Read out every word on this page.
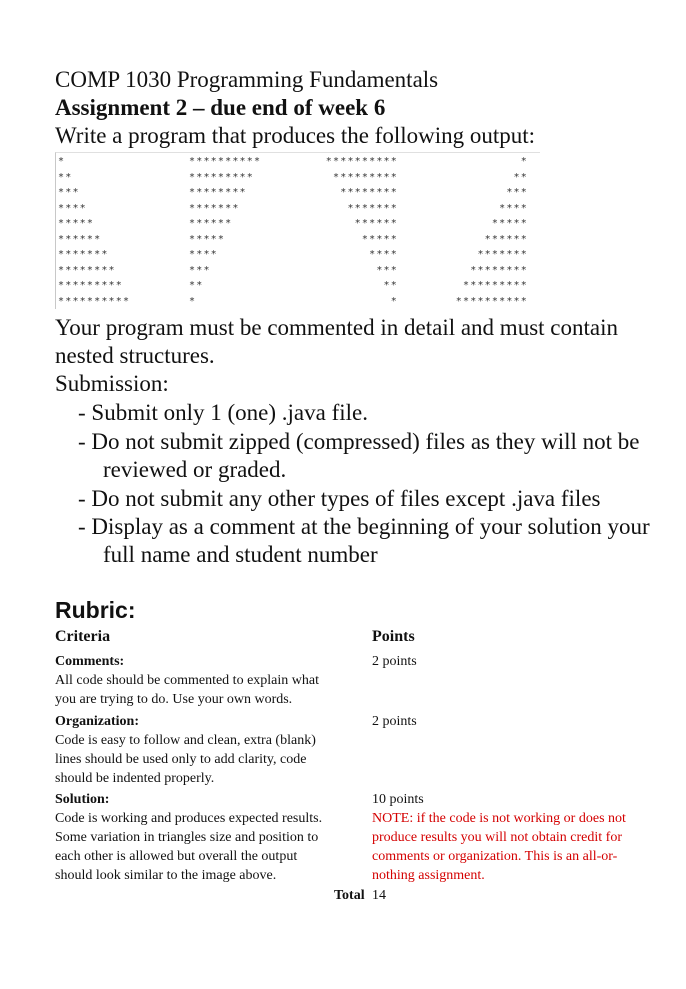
COMP 1030 Programming Fundamentals
Assignment 2 – due end of week 6
Write a program that produces the following output:
*	**********	**********	*
**	*********	*********	**
***	********	********	***
****	*******	*******	****
*****	******	******	*****
******	*****	*****	******
*******	****	****	*******
********	***	***	********
*********	**	**	*********
**********	*	*	**********
Your program must be commented in detail and must contain
nested structures.
Submission:
- Submit only 1 (one) .java file.
- Do not submit zipped (compressed) files as they will not be
reviewed or graded.
- Do not submit any other types of files except .java files
- Display as a comment at the beginning of your solution your
full name and student number
Rubric:
Criteria	Points
Comments:
All code should be commented to explain what
you are trying to do. Use your own words.
2 points
Organization:
Code is easy to follow and clean, extra (blank)
lines should be used only to add clarity, code
should be indented properly.
2 points
Solution:
Code is working and produces expected results.
Some variation in triangles size and position to
each other is allowed but overall the output
should look similar to the image above.
10 points
NOTE: if the code is not working or does not
produce results you will not obtain credit for
comments or organization. This is an all-or-
nothing assignment.
Total 14
